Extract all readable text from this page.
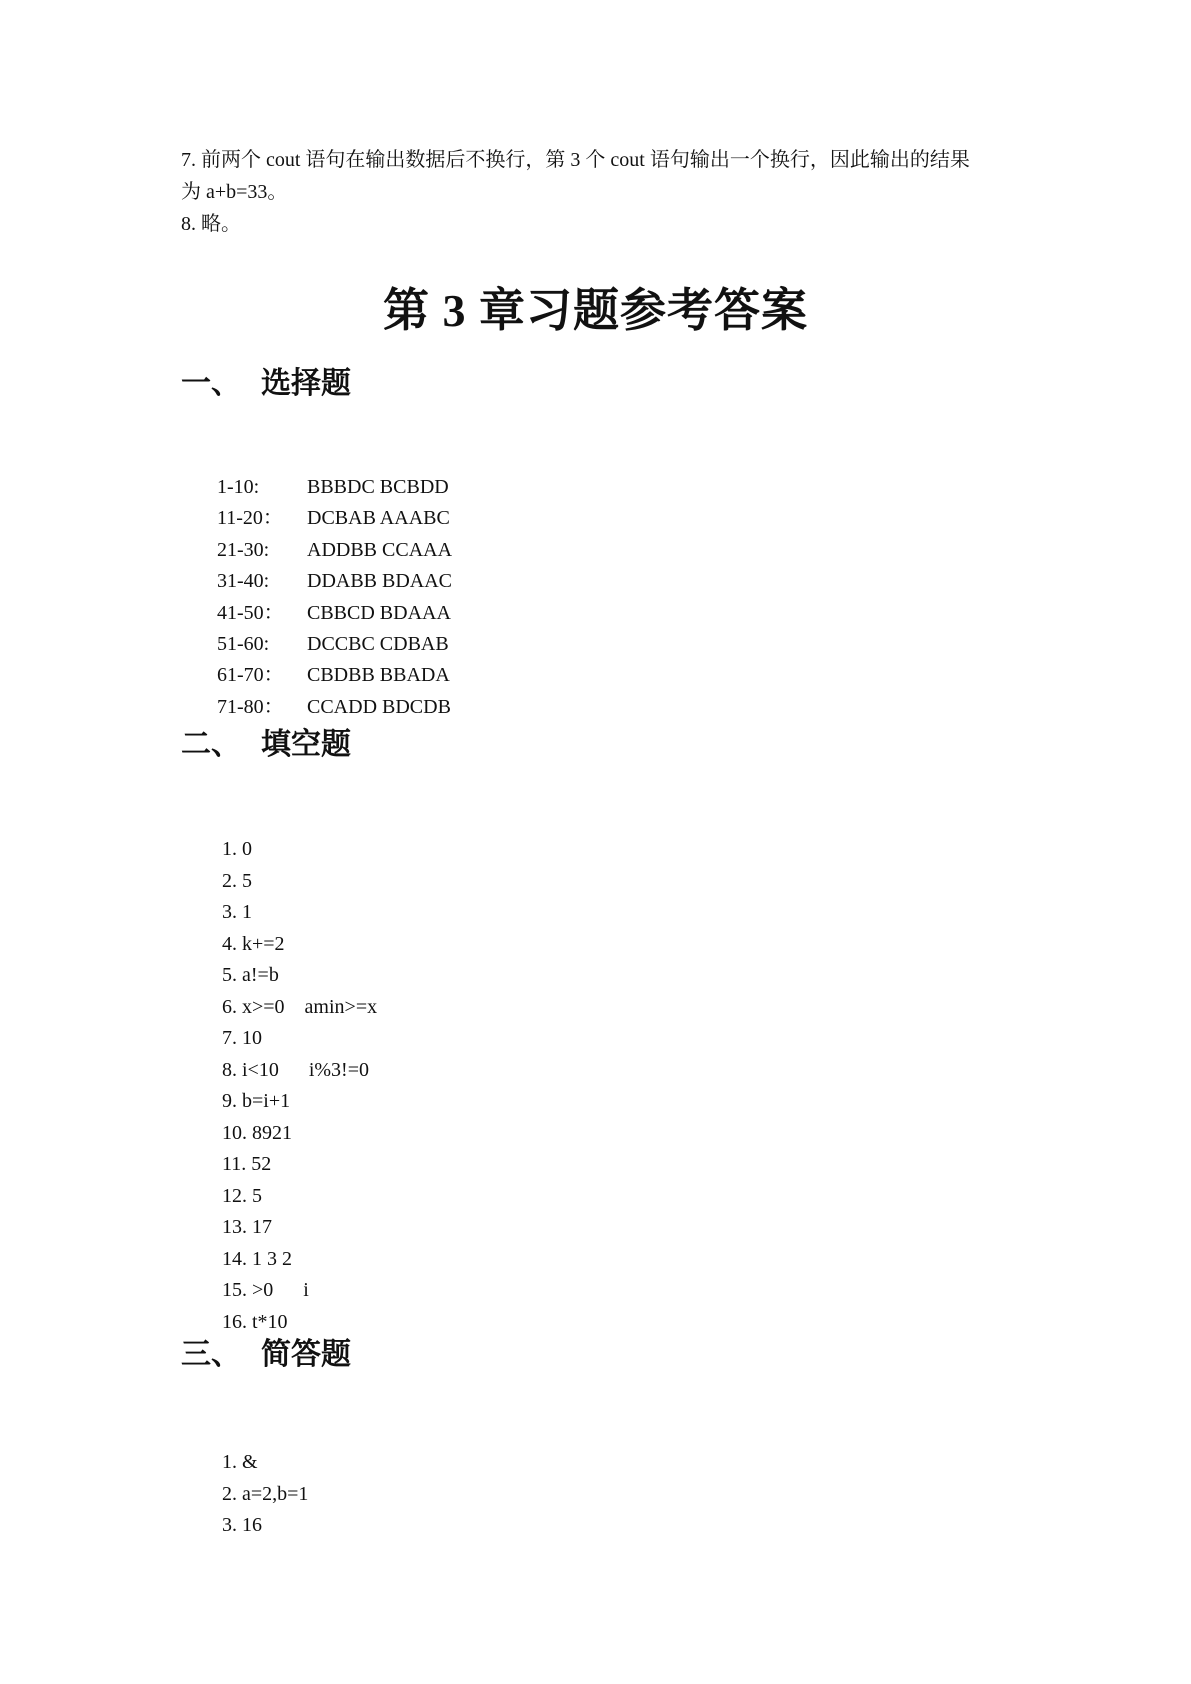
7. 前两个 cout 语句在输出数据后不换行，第 3 个 cout 语句输出一个换行，因此输出的结果

为 a+b=33。

8. 略。

第 3 章习题参考答案
一、 选择题
1-10:	BBBDC BCBDD
11-20：	DCBAB AAABC
21-30:	ADDBB CCAAA
31-40:	DDABB BDAAC
41-50：	CBBCD BDAAA
51-60:	DCCBC CDBAB
61-70：	CBDBB BBADA
71-80：	CCADD BDCDB
二、 填空题
1. 0
2. 5
3. 1
4. k+=2
5. a!=b
6. x>=0    amin>=x
7. 10
8. i<10      i%3!=0
9. b=i+1
10. 8921
11. 52
12. 5
13. 17
14. 1 3 2
15. >0      i
16. t*10
三、 简答题
1. &
2. a=2,b=1
3. 16
